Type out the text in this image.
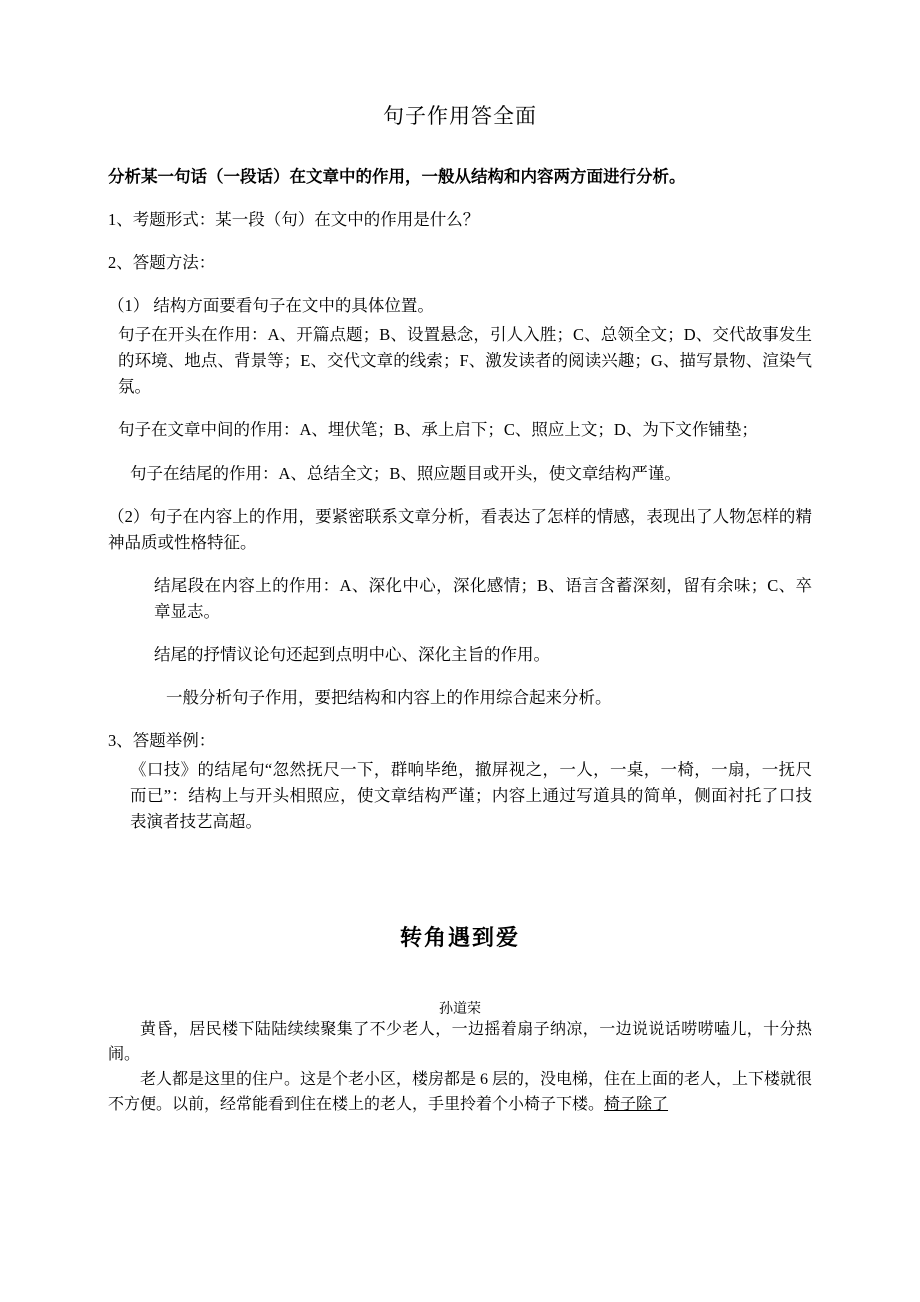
句子作用答全面

分析某一句话（一段话）在文章中的作用，一般从结构和内容两方面进行分析。

1、考题形式：某一段（句）在文中的作用是什么？

2、答题方法：

（1） 结构方面要看句子在文中的具体位置。

句子在开头在作用：A、开篇点题；B、设置悬念，引人入胜；C、总领全文；D、交代故事发生的环境、地点、背景等；E、交代文章的线索；F、激发读者的阅读兴趣；G、描写景物、渲染气氛。

句子在文章中间的作用：A、埋伏笔；B、承上启下；C、照应上文；D、为下文作铺垫；

句子在结尾的作用：A、总结全文；B、照应题目或开头，使文章结构严谨。

（2）句子在内容上的作用，要紧密联系文章分析，看表达了怎样的情感，表现出了人物怎样的精神品质或性格特征。

结尾段在内容上的作用：A、深化中心，深化感情；B、语言含蓄深刻，留有余味；C、卒章显志。

结尾的抒情议论句还起到点明中心、深化主旨的作用。

一般分析句子作用，要把结构和内容上的作用综合起来分析。

3、答题举例：

《口技》的结尾句“忽然抚尺一下，群响毕绝，撤屏视之，一人，一桌，一椅，一扇，一抚尺而已”：结构上与开头相照应，使文章结构严谨；内容上通过写道具的简单，侧面衬托了口技表演者技艺高超。

转角遇到爱
孙道荣

黄昏，居民楼下陆陆续续聚集了不少老人，一边摇着扇子纳凉，一边说说话唠唠嗑儿，十分热闹。

老人都是这里的住户。这是个老小区，楼房都是 6 层的，没电梯，住在上面的老人，上下楼就很不方便。以前，经常能看到住在楼上的老人，手里拎着个小椅子下楼。椅子除了
